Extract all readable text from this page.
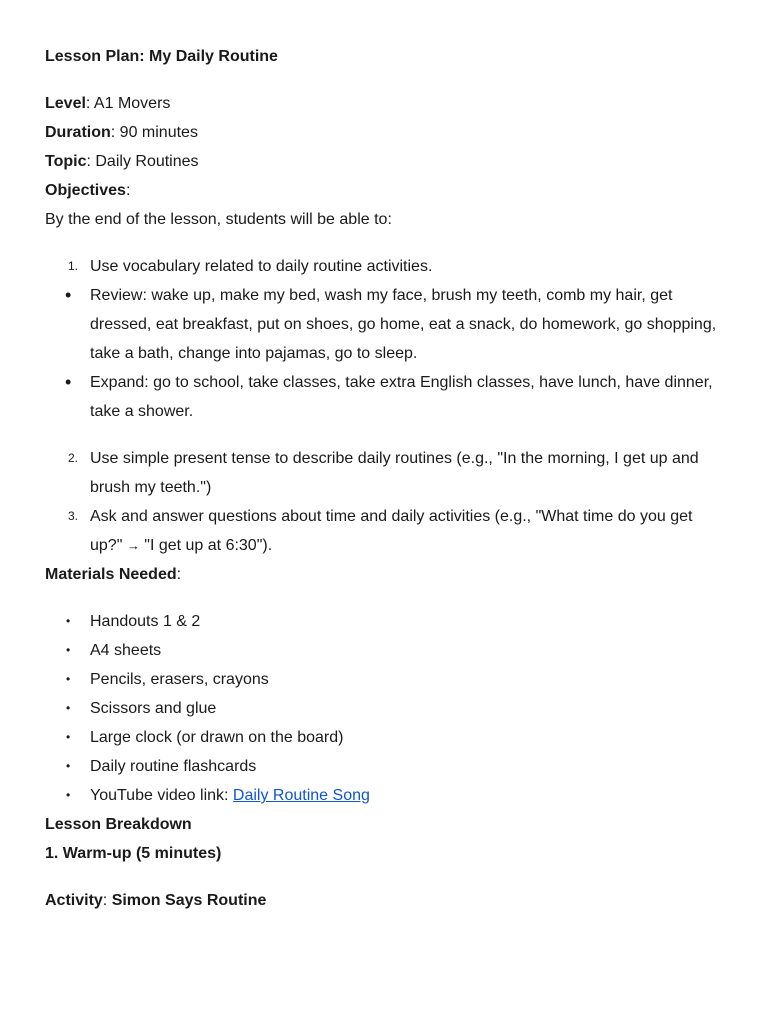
Lesson Plan: My Daily Routine

Level: A1 Movers

Duration: 90 minutes

Topic: Daily Routines

Objectives:

By the end of the lesson, students will be able to:

1. Use vocabulary related to daily routine activities.
• Review: wake up, make my bed, wash my face, brush my teeth, comb my hair, get dressed, eat breakfast, put on shoes, go home, eat a snack, do homework, go shopping, take a bath, change into pajamas, go to sleep.
• Expand: go to school, take classes, take extra English classes, have lunch, have dinner, take a shower.
2. Use simple present tense to describe daily routines (e.g., "In the morning, I get up and brush my teeth.")
3. Ask and answer questions about time and daily activities (e.g., "What time do you get up?" → "I get up at 6:30").

Materials Needed:

• Handouts 1 & 2
• A4 sheets
• Pencils, erasers, crayons
• Scissors and glue
• Large clock (or drawn on the board)
• Daily routine flashcards
• YouTube video link: Daily Routine Song

Lesson Breakdown

1. Warm-up (5 minutes)

Activity: Simon Says Routine
